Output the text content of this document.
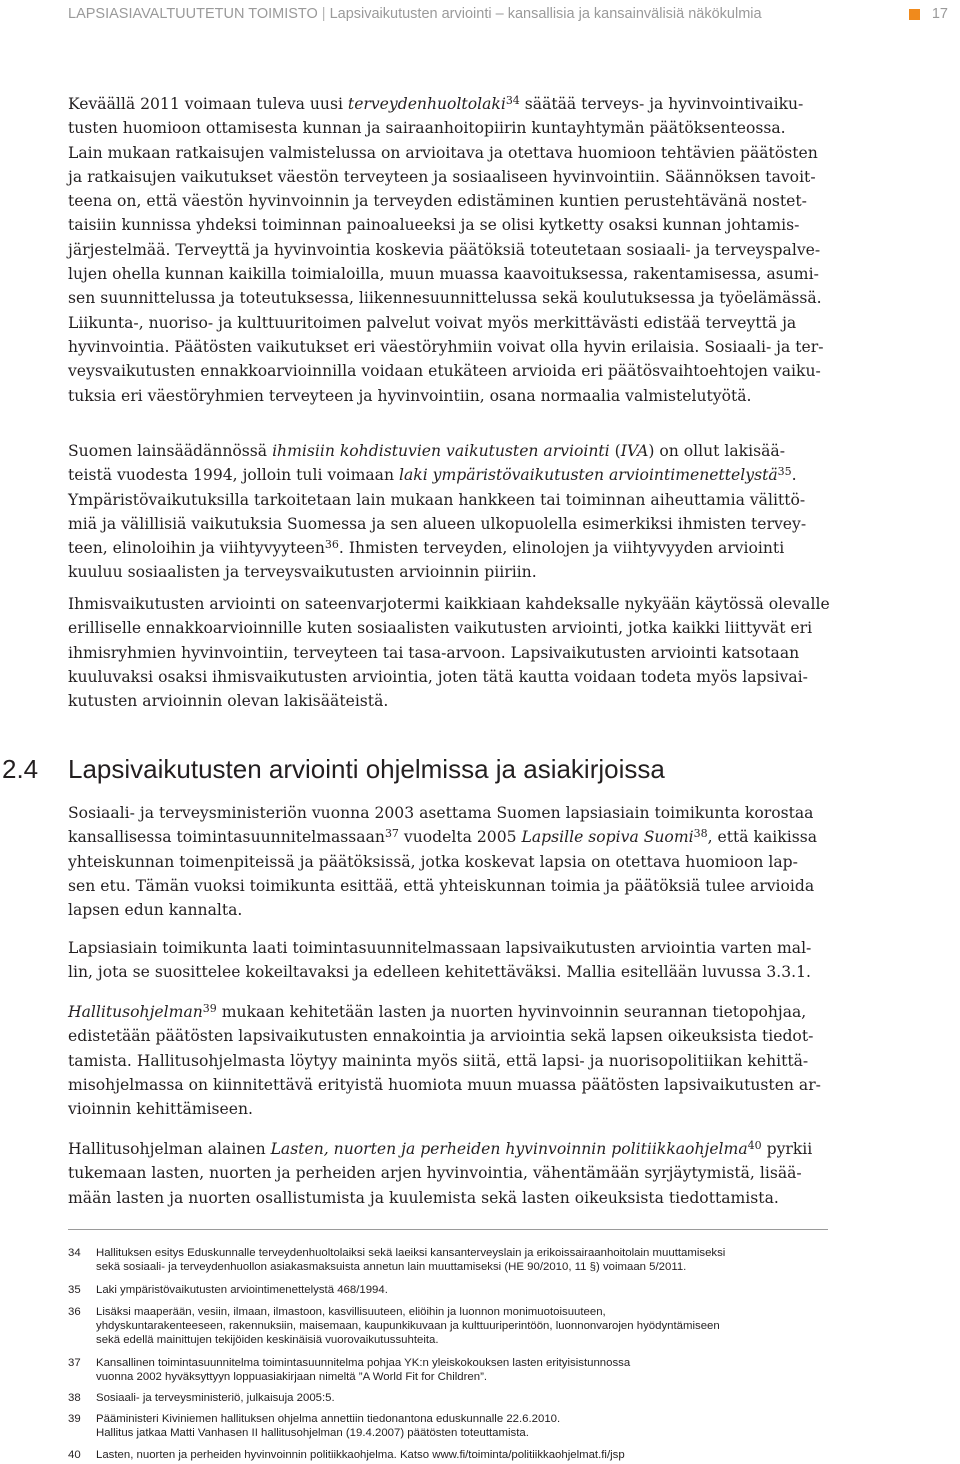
LAPSIASIAVALTUUTETUN TOIMISTO | Lapsivaikutusten arviointi – kansallisia ja kansainvälisiä näkökulmia	17
Keväällä 2011 voimaan tuleva uusi terveydenhuoltolaki$^{34}$ säätää terveys- ja hyvinvointivaiku-
tusten huomioon ottamisesta kunnan ja sairaanhoitopiirin kuntayhtymän päätöksenteossa.
Lain mukaan ratkaisujen valmistelussa on arvioitava ja otettava huomioon tehtävien päätösten
ja ratkaisujen vaikutukset väestön terveyteen ja sosiaaliseen hyvinvointiin. Säännöksen tavoit-
teena on, että väestön hyvinvoinnin ja terveyden edistäminen kuntien perustehtävänä nostet-
taisiin kunnissa yhdeksi toiminnan painoalueeksi ja se olisi kytketty osaksi kunnan johtamis-
järjestelmää. Terveyttä ja hyvinvointia koskevia päätöksiä toteutetaan sosiaali- ja terveyspalve-
lujen ohella kunnan kaikilla toimialoilla, muun muassa kaavoituksessa, rakentamisessa, asumi-
sen suunnittelussa ja toteutuksessa, liikennesuunnittelussa sekä koulutuksessa ja työelämässä.
Liikunta-, nuoriso- ja kulttuuritoimen palvelut voivat myös merkittävästi edistää terveyttä ja
hyvinvointia. Päätösten vaikutukset eri väestöryhmiin voivat olla hyvin erilaisia. Sosiaali- ja ter-
veysvaikutusten ennakkoarvioinnilla voidaan etukäteen arvioida eri päätösvaihtoehtojen vaiku-
tuksia eri väestöryhmien terveyteen ja hyvinvointiin, osana normaalia valmistelutyötä.
Suomen lainsäädännössä ihmisiin kohdistuvien vaikutusten arviointi (IVA) on ollut lakisää-
teistä vuodesta 1994, jolloin tuli voimaan laki ympäristövaikutusten arviointimenettelystä$^{35}$.
Ympäristövaikutuksilla tarkoitetaan lain mukaan hankkeen tai toiminnan aiheuttamia välittö-
miä ja välillisiä vaikutuksia Suomessa ja sen alueen ulkopuolella esimerkiksi ihmisten tervey-
teen, elinoloihin ja viihtyvyyteen$^{36}$. Ihmisten terveyden, elinolojen ja viihtyvyyden arviointi
kuuluu sosiaalisten ja terveysvaikutusten arvioinnin piiriin.
Ihmisvaikutusten arviointi on sateenvarjotermi kaikkiaan kahdeksalle nykyään käytössä olevalle
erilliselle ennakkoarvioinnille kuten sosiaalisten vaikutusten arviointi, jotka kaikki liittyvät eri
ihmisryhmien hyvinvointiin, terveyteen tai tasa-arvoon. Lapsivaikutusten arviointi katsotaan
kuuluvaksi osaksi ihmisvaikutusten arviointia, joten tätä kautta voidaan todeta myös lapsivai-
kutusten arvioinnin olevan lakisääteistä.
2.4 Lapsivaikutusten arviointi ohjelmissa ja asiakirjoissa
Sosiaali- ja terveysministeriön vuonna 2003 asettama Suomen lapsiasiain toimikunta korostaa
kansallisessa toimintasuunnitelmassaan$^{37}$ vuodelta 2005 Lapsille sopiva Suomi$^{38}$, että kaikissa
yhteiskunnan toimenpiteissä ja päätöksissä, jotka koskevat lapsia on otettava huomioon lap-
sen etu. Tämän vuoksi toimikunta esittää, että yhteiskunnan toimia ja päätöksiä tulee arvioida
lapsen edun kannalta.
Lapsiasiain toimikunta laati toimintasuunnitelmassaan lapsivaikutusten arviointia varten mal-
lin, jota se suosittelee kokeiltavaksi ja edelleen kehitettäväksi. Mallia esitellään luvussa 3.3.1.
Hallitusohjelman$^{39}$ mukaan kehitetään lasten ja nuorten hyvinvoinnin seurannan tietopohjaa,
edistetään päätösten lapsivaikutusten ennakointia ja arviointia sekä lapsen oikeuksista tiedot-
tamista. Hallitusohjelmasta löytyy maininta myös siitä, että lapsi- ja nuorisopolitiikan kehittä-
misohjelmassa on kiinnitettävä erityistä huomiota muun muassa päätösten lapsivaikutusten ar-
vioinnin kehittämiseen.
Hallitusohjelman alainen Lasten, nuorten ja perheiden hyvinvoinnin politiikkaohjelma$^{40}$ pyrkii
tukemaan lasten, nuorten ja perheiden arjen hyvinvointia, vähentämään syrjäytymistä, lisää-
mään lasten ja nuorten osallistumista ja kuulemista sekä lasten oikeuksista tiedottamista.
34	Hallituksen esitys Eduskunnalle terveydenhuoltolaiksi sekä laeiksi kansanterveyslain ja erikoissairaanhoitolain muuttamiseksi
sekä sosiaali- ja terveydenhuollon asiakasmaksuista annetun lain muuttamiseksi (HE 90/2010, 11 §) voimaan 5/2011.
35	Laki ympäristövaikutusten arviointimenettelystä 468/1994.
36	Lisäksi maaperään, vesiin, ilmaan, ilmastoon, kasvillisuuteen, eliöihin ja luonnon monimuotoisuuteen,
yhdyskuntarakenteeseen, rakennuksiin, maisemaan, kaupunkikuvaan ja kulttuuriperintöön, luonnonvarojen hyödyntämiseen
sekä edellä mainittujen tekijöiden keskinäisiä vuorovaikutussuhteita.
37	Kansallinen toimintasuunnitelma toimintasuunnitelma pohjaa YK:n yleiskokouksen lasten erityisistunnossa
vuonna 2002 hyväksyttyyn loppuasiakirjaan nimeltä ”A World Fit for Children”.
38	Sosiaali- ja terveysministeriö, julkaisuja 2005:5.
39	Pääministeri Kiviniemen hallituksen ohjelma annettiin tiedonantona eduskunnalle 22.6.2010.
Hallitus jatkaa Matti Vanhasen II hallitusohjelman (19.4.2007) päätösten toteuttamista.
40	Lasten, nuorten ja perheiden hyvinvoinnin politiikkaohjelma. Katso www.fi/toiminta/politiikkaohjelmat.fi/jsp
